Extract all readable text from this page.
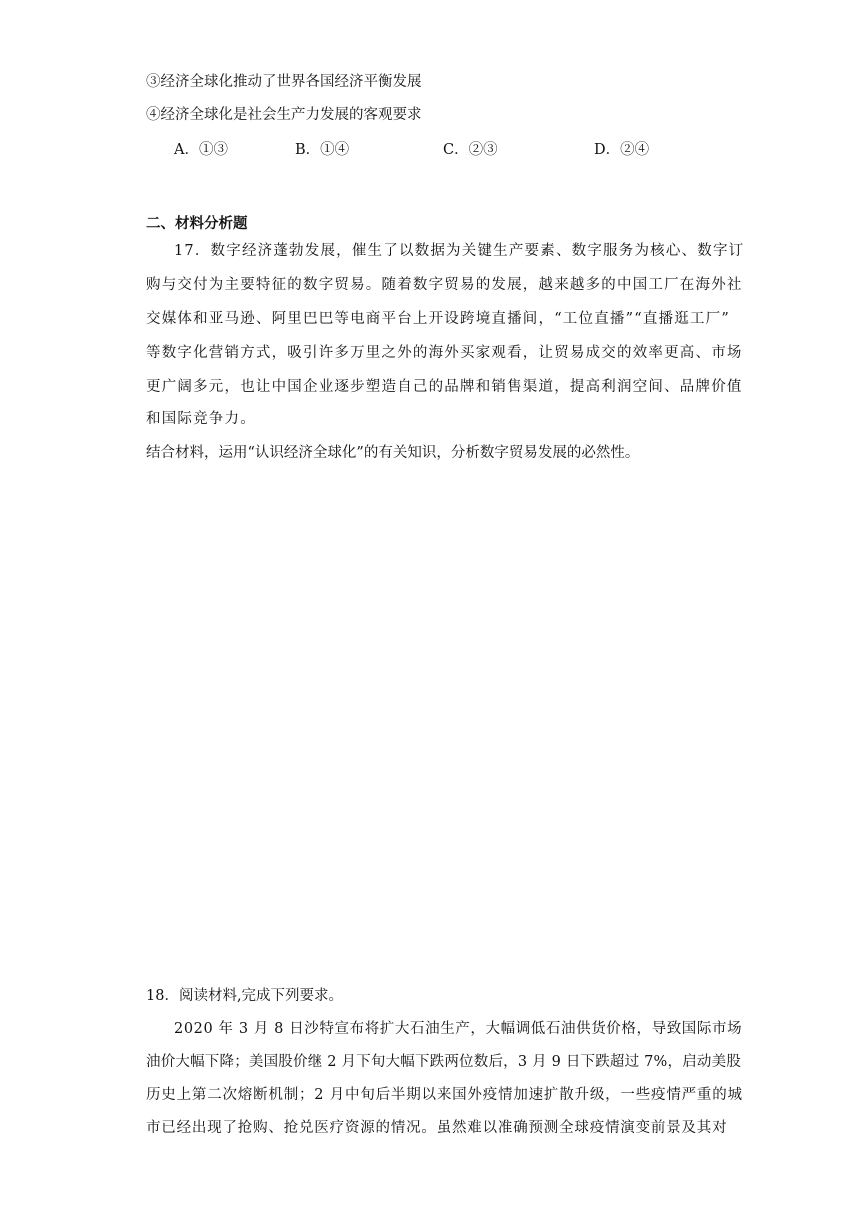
③经济全球化推动了世界各国经济平衡发展
④经济全球化是社会生产力发展的客观要求
A．①③	B．①④	C．②③	D．②④
二、材料分析题
17．数字经济蓬勃发展，催生了以数据为关键生产要素、数字服务为核心、数字订
购与交付为主要特征的数字贸易。随着数字贸易的发展，越来越多的中国工厂在海外社
交媒体和亚马逊、阿里巴巴等电商平台上开设跨境直播间，“工位直播”“直播逛工厂”
等数字化营销方式，吸引许多万里之外的海外买家观看，让贸易成交的效率更高、市场
更广阔多元，也让中国企业逐步塑造自己的品牌和销售渠道，提高利润空间、品牌价值
和国际竞争力。
结合材料，运用“认识经济全球化”的有关知识，分析数字贸易发展的必然性。
18．阅读材料,完成下列要求。
2020 年 3 月 8 日沙特宣布将扩大石油生产，大幅调低石油供货价格，导致国际市场
油价大幅下降；美国股价继 2 月下旬大幅下跌两位数后，3 月 9 日下跌超过 7%，启动美股
历史上第二次熔断机制；2 月中旬后半期以来国外疫情加速扩散升级，一些疫情严重的城
市已经出现了抢购、抢兑医疗资源的情况。虽然难以准确预测全球疫情演变前景及其对
